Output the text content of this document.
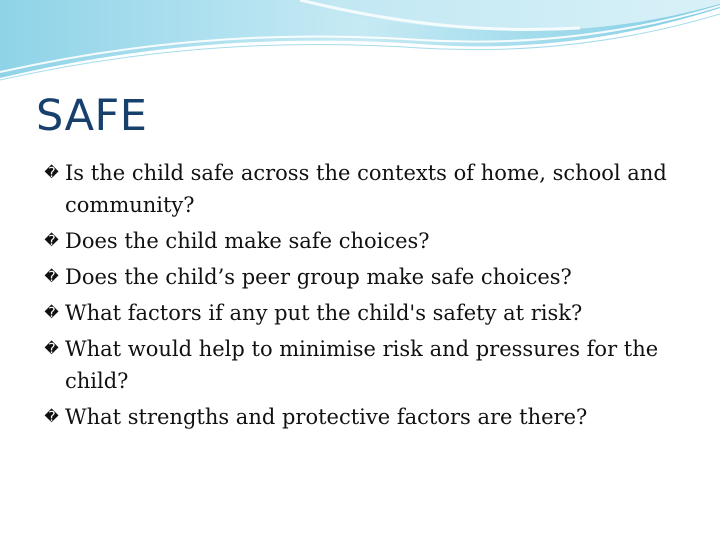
SAFE
� Is the child safe across the contexts of home, school and community?
� Does the child make safe choices?
� Does the child’s peer group make safe choices?
� What factors if any put the child's safety at risk?
� What would help to minimise risk and pressures for the child?
� What strengths and protective factors are there?
